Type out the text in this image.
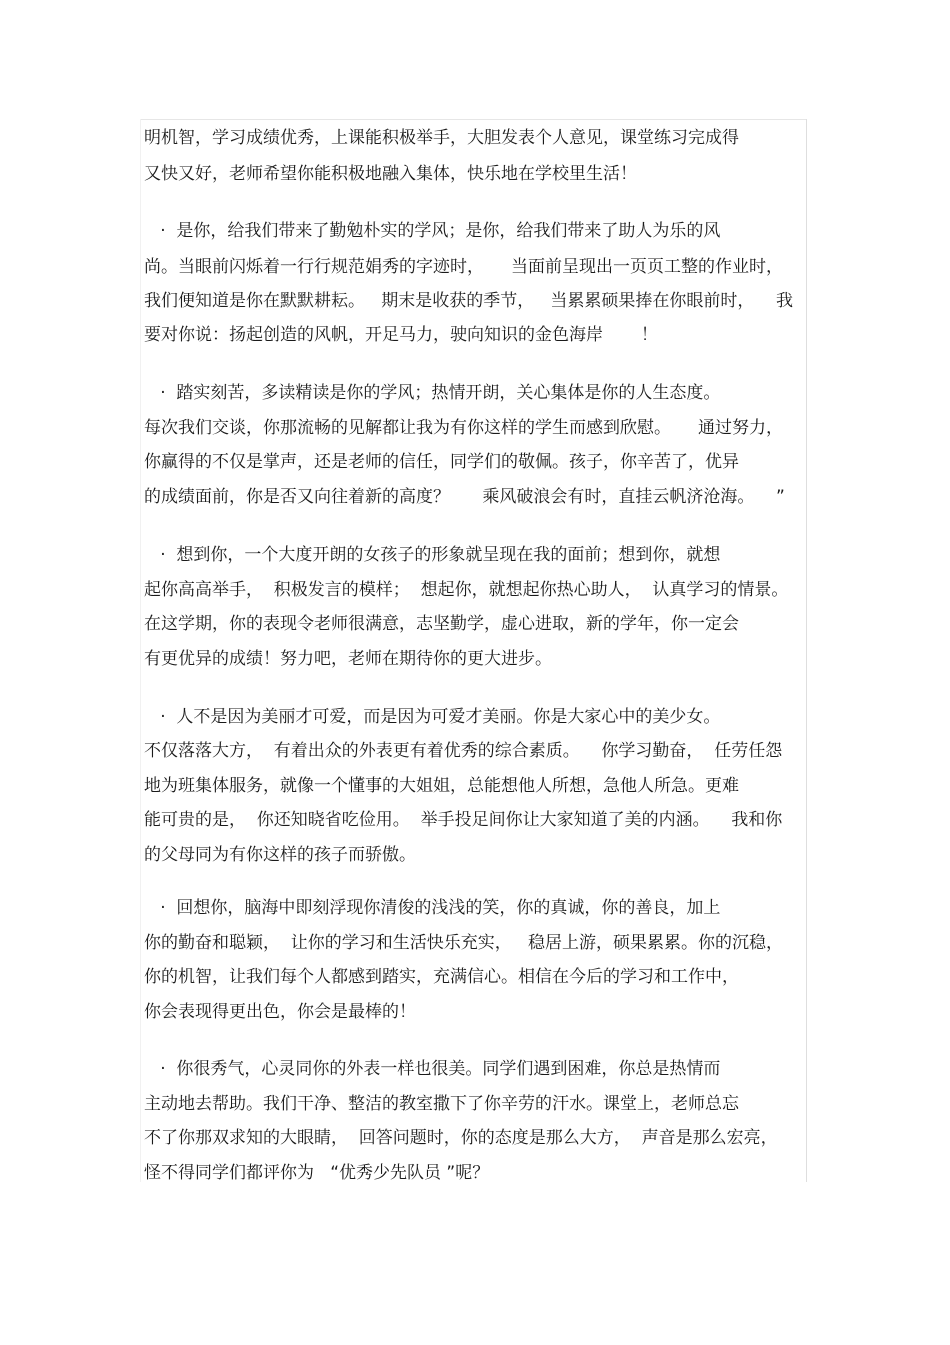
明机智，学习成绩优秀，上课能积极举手，大胆发表个人意见，课堂练习完成得
又快又好，老师希望你能积极地融入集体，快乐地在学校里生活！
·  是你，给我们带来了勤勉朴实的学风；是你，给我们带来了助人为乐的风
尚。当眼前闪烁着一行行规范娟秀的字迹时，     当面前呈现出一页页工整的作业时，
我们便知道是你在默默耕耘。   期末是收获的季节，   当累累硕果捧在你眼前时，    我
要对你说：扬起创造的风帆，开足马力，驶向知识的金色海岸       ！
·  踏实刻苦，多读精读是你的学风；热情开朗，关心集体是你的人生态度。
每次我们交谈，你那流畅的见解都让我为有你这样的学生而感到欣慰。     通过努力，
你赢得的不仅是掌声，还是老师的信任，同学们的敬佩。孩子，你辛苦了，优异
的成绩面前，你是否又向往着新的高度？      乘风破浪会有时，直挂云帆济沧海。    ”
·  想到你，一个大度开朗的女孩子的形象就呈现在我的面前；想到你，就想
起你高高举手，  积极发言的模样；  想起你，就想起你热心助人，  认真学习的情景。
在这学期，你的表现令老师很满意，志坚勤学，虚心进取，新的学年，你一定会
有更优异的成绩！努力吧，老师在期待你的更大进步。
·  人不是因为美丽才可爱，而是因为可爱才美丽。你是大家心中的美少女。
不仅落落大方，  有着出众的外表更有着优秀的综合素质。    你学习勤奋，  任劳任怨
地为班集体服务，就像一个懂事的大姐姐，总能想他人所想，急他人所急。更难
能可贵的是，  你还知晓省吃俭用。  举手投足间你让大家知道了美的内涵。    我和你
的父母同为有你这样的孩子而骄傲。
·  回想你，脑海中即刻浮现你清俊的浅浅的笑，你的真诚，你的善良，加上
你的勤奋和聪颖，  让你的学习和生活快乐充实，   稳居上游，硕果累累。你的沉稳，
你的机智，让我们每个人都感到踏实，充满信心。相信在今后的学习和工作中，
你会表现得更出色，你会是最棒的！
·  你很秀气，心灵同你的外表一样也很美。同学们遇到困难，你总是热情而
主动地去帮助。我们干净、整洁的教室撒下了你辛劳的汗水。课堂上，老师总忘
不了你那双求知的大眼睛，  回答问题时，你的态度是那么大方，  声音是那么宏亮，
怪不得同学们都评你为   “优秀少先队员 ”呢？
